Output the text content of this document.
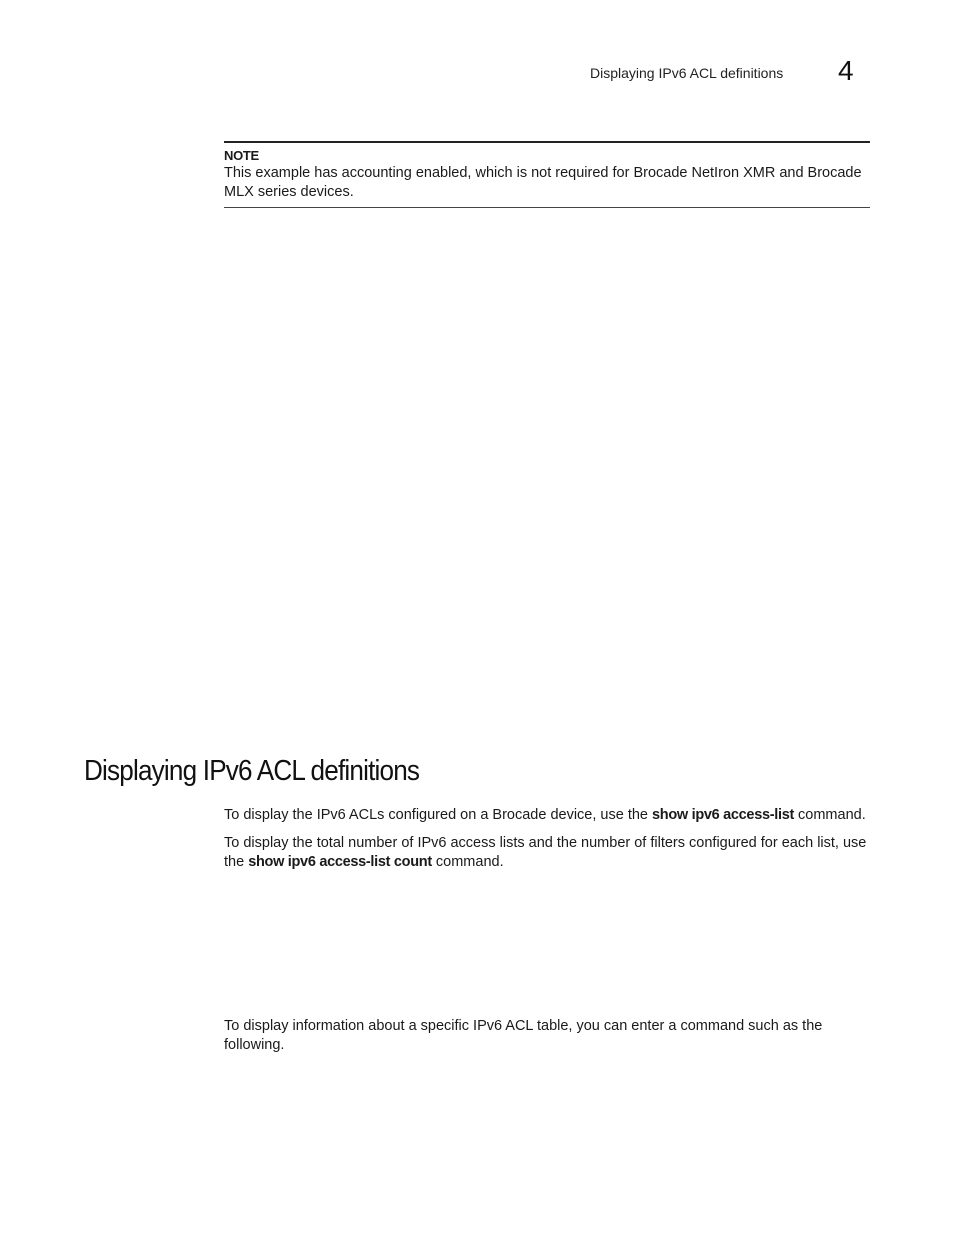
Displaying IPv6 ACL definitions 4
NOTE
This example has accounting enabled, which is not required for Brocade NetIron XMR and Brocade MLX series devices.
Displaying IPv6 ACL definitions

To display the IPv6 ACLs configured on a Brocade device, use the show ipv6 access-list command.

To display the total number of IPv6 access lists and the number of filters configured for each list, use the show ipv6 access-list count command.

To display information about a specific IPv6 ACL table, you can enter a command such as the following.
